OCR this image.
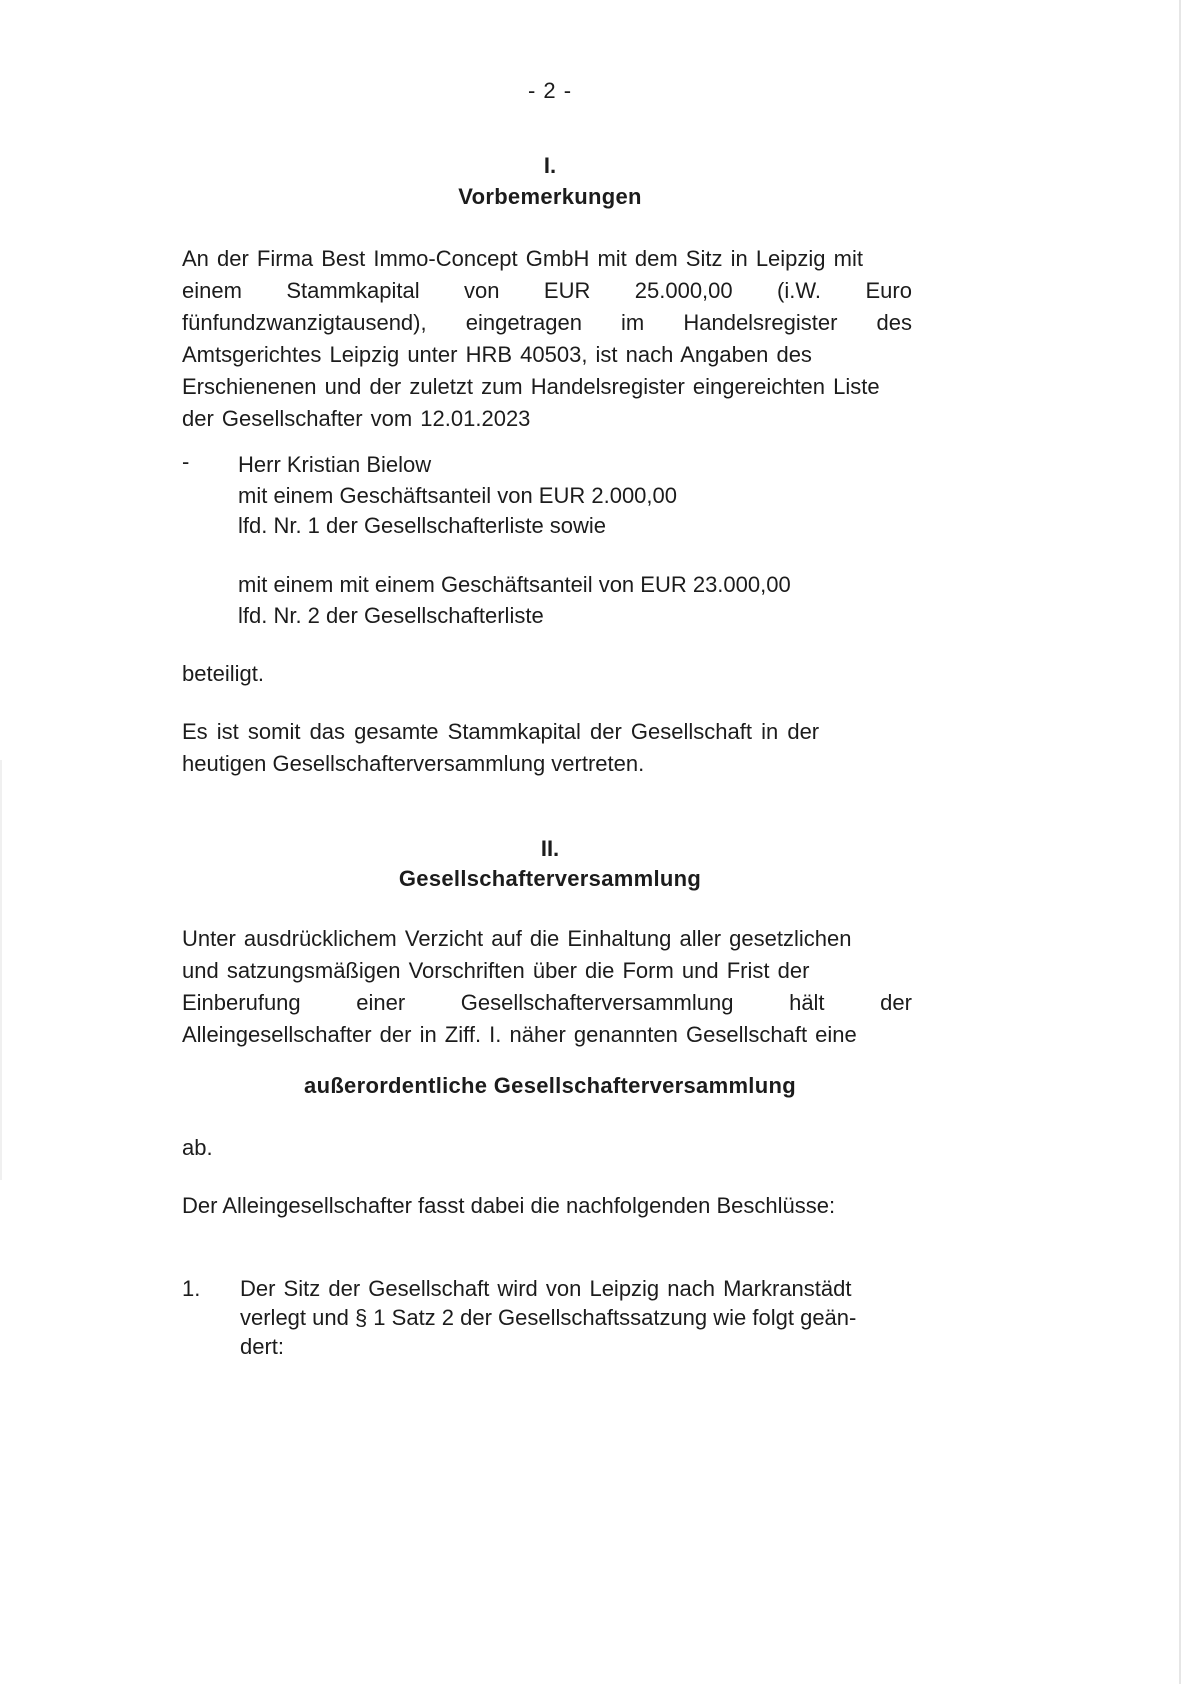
- 2 -
I.
Vorbemerkungen
An der Firma Best Immo-Concept GmbH mit dem Sitz in Leipzig mit
einem Stammkapital von EUR 25.000,00 (i.W. Euro
fünfundzwanzigtausend), eingetragen im Handelsregister des
Amtsgerichtes Leipzig unter HRB 40503, ist nach Angaben des
Erschienenen und der zuletzt zum Handelsregister eingereichten Liste
der Gesellschafter vom 12.01.2023
- Herr Kristian Bielow
mit einem Geschäftsanteil von EUR 2.000,00
lfd. Nr. 1 der Gesellschafterliste sowie
mit einem mit einem Geschäftsanteil von EUR 23.000,00
lfd. Nr. 2 der Gesellschafterliste
beteiligt.
Es ist somit das gesamte Stammkapital der Gesellschaft in der
heutigen Gesellschafterversammlung vertreten.
II.
Gesellschafterversammlung
Unter ausdrücklichem Verzicht auf die Einhaltung aller gesetzlichen
und satzungsmäßigen Vorschriften über die Form und Frist der
Einberufung	einer	Gesellschafterversammlung	hält	der
Alleingesellschafter der in Ziff. I. näher genannten Gesellschaft eine
außerordentliche Gesellschafterversammlung
ab.
Der Alleingesellschafter fasst dabei die nachfolgenden Beschlüsse:
1. Der Sitz der Gesellschaft wird von Leipzig nach Markranstädt
verlegt und § 1 Satz 2 der Gesellschaftssatzung wie folgt geän-
dert:
